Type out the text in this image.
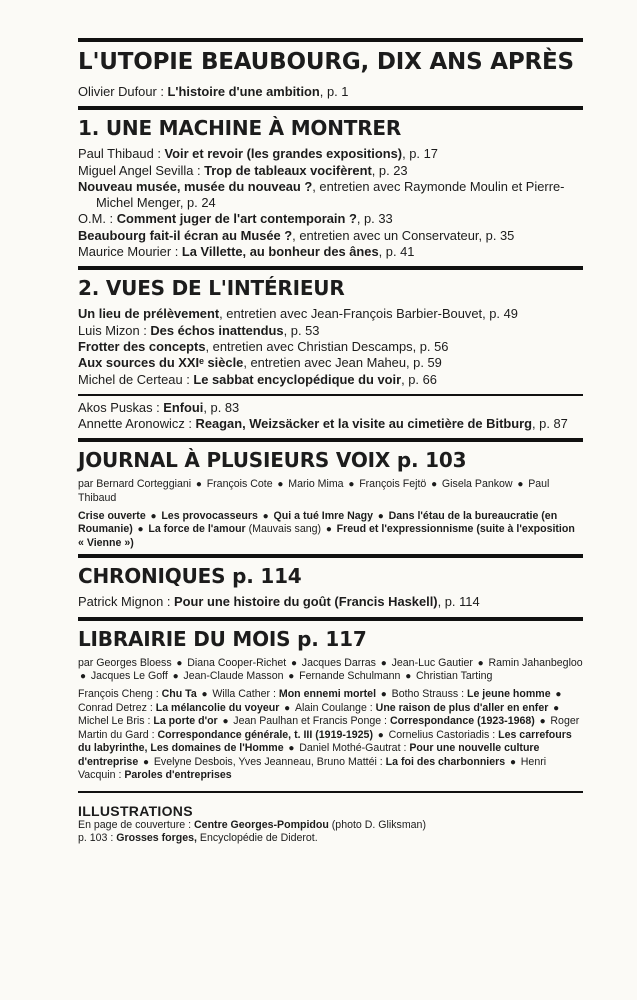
L'UTOPIE BEAUBOURG, DIX ANS APRÈS

Olivier Dufour : L'histoire d'une ambition, p. 1

1. UNE MACHINE À MONTRER

Paul Thibaud : Voir et revoir (les grandes expositions), p. 17

Miguel Angel Sevilla : Trop de tableaux vocifèrent, p. 23

Nouveau musée, musée du nouveau ?, entretien avec Raymonde Moulin et Pierre-Michel Menger, p. 24

O.M. : Comment juger de l'art contemporain ?, p. 33

Beaubourg fait-il écran au Musée ?, entretien avec un Conservateur, p. 35

Maurice Mourier : La Villette, au bonheur des ânes, p. 41

2. VUES DE L'INTÉRIEUR

Un lieu de prélèvement, entretien avec Jean-François Barbier-Bouvet, p. 49

Luis Mizon : Des échos inattendus, p. 53

Frotter des concepts, entretien avec Christian Descamps, p. 56

Aux sources du XXIᵉ siècle, entretien avec Jean Maheu, p. 59

Michel de Certeau : Le sabbat encyclopédique du voir, p. 66

Akos Puskas : Enfoui, p. 83

Annette Aronowicz : Reagan, Weizsäcker et la visite au cimetière de Bitburg, p. 87

JOURNAL À PLUSIEURS VOIX p. 103

par Bernard Corteggiani ● François Cote ● Mario Mima ● François Fejtö ● Gisela Pankow ● Paul Thibaud

Crise ouverte ● Les provocasseurs ● Qui a tué Imre Nagy ● Dans l'étau de la bureaucratie (en Roumanie) ● La force de l'amour (Mauvais sang) ● Freud et l'expressionnisme (suite à l'exposition « Vienne »)

CHRONIQUES p. 114

Patrick Mignon : Pour une histoire du goût (Francis Haskell), p. 114

LIBRAIRIE DU MOIS p. 117

par Georges Bloess ● Diana Cooper-Richet ● Jacques Darras ● Jean-Luc Gautier ● Ramin Jahanbegloo ● Jacques Le Goff ● Jean-Claude Masson ● Fernande Schulmann ● Christian Tarting

François Cheng : Chu Ta ● Willa Cather : Mon ennemi mortel ● Botho Strauss : Le jeune homme ● Conrad Detrez : La mélancolie du voyeur ● Alain Coulange : Une raison de plus d'aller en enfer ● Michel Le Bris : La porte d'or ● Jean Paulhan et Francis Ponge : Correspondance (1923-1968) ● Roger Martin du Gard : Correspondance générale, t. III (1919-1925) ● Cornelius Castoriadis : Les carrefours du labyrinthe, Les domaines de l'Homme ● Daniel Mothé-Gautrat : Pour une nouvelle culture d'entreprise ● Evelyne Desbois, Yves Jeanneau, Bruno Mattéi : La foi des charbonniers ● Henri Vacquin : Paroles d'entreprises

ILLUSTRATIONS
En page de couverture : Centre Georges-Pompidou (photo D. Gliksman)
p. 103 : Grosses forges, Encyclopédie de Diderot.
